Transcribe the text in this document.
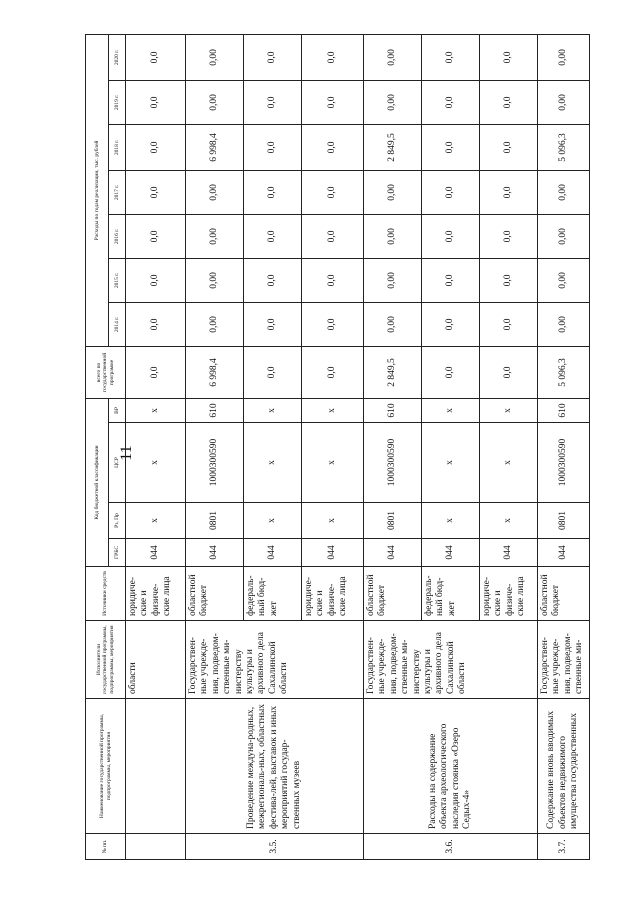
11
№ пп.	Наименование государственной программы, подпрограммы, мероприятия	Исполнители государственной программы, подпрограммы, мероприятия	Источники средств	Код бюджетной классификации				всего по государственной программе	Расходы по годам реализации, тыс. рублей						
				ГРБС	Рз, Пр	ЦСР	ВР		2014 г.	2015 г.	2016 г.	2017 г.	2018 г.	2019 г.	2020 г.
		области	юридиче-ские и физиче-ские лица	044	х	х	х	0,0	0,0	0,0	0,0	0,0	0,0	0,0	0,0
3.5.	Проведение междуна-родных, межрегиональ-ных, областных фестива-лей, выставок и иных мероприятий государ-ственных музеев	Государствен-ные учрежде-ния, подведом-ственные ми-нистерству культуры и архивного дела Сахалинской области	областной бюджет	044	0801	1000300590	610	6 998,4	0,00	0,00	0,00	0,00	6 998,4	0,00	0,00
			федераль-ный бюд-жет	044	х	х	х	0,0	0,0	0,0	0,0	0,0	0,0	0,0	0,0
			юридиче-ские и физиче-ские лица	044	х	х	х	0,0	0,0	0,0	0,0	0,0	0,0	0,0	0,0
3.6.	Расходы на содержание объекта археологического наследия стоянка «Озеро Седых-4»	Государствен-ные учрежде-ния, подведом-ственные ми-нистерству культуры и архивного дела Сахалинской области	областной бюджет	044	0801	1000300590	610	2 849,5	0,00	0,00	0,00	0,00	2 849,5	0,00	0,00
			федераль-ный бюд-жет	044	х	х	х	0,0	0,0	0,0	0,0	0,0	0,0	0,0	0,0
			юридиче-ские и физиче-ские лица	044	х	х	х	0,0	0,0	0,0	0,0	0,0	0,0	0,0	0,0
3.7.	Содержание вновь вводимых объектов недвижимого имущества государственных	Государствен-ные учрежде-ния, подведом-ственные ми-	областной бюджет	044	0801	1000300590	610	5 096,3	0,00	0,00	0,00	0,00	5 096,3	0,00	0,00
